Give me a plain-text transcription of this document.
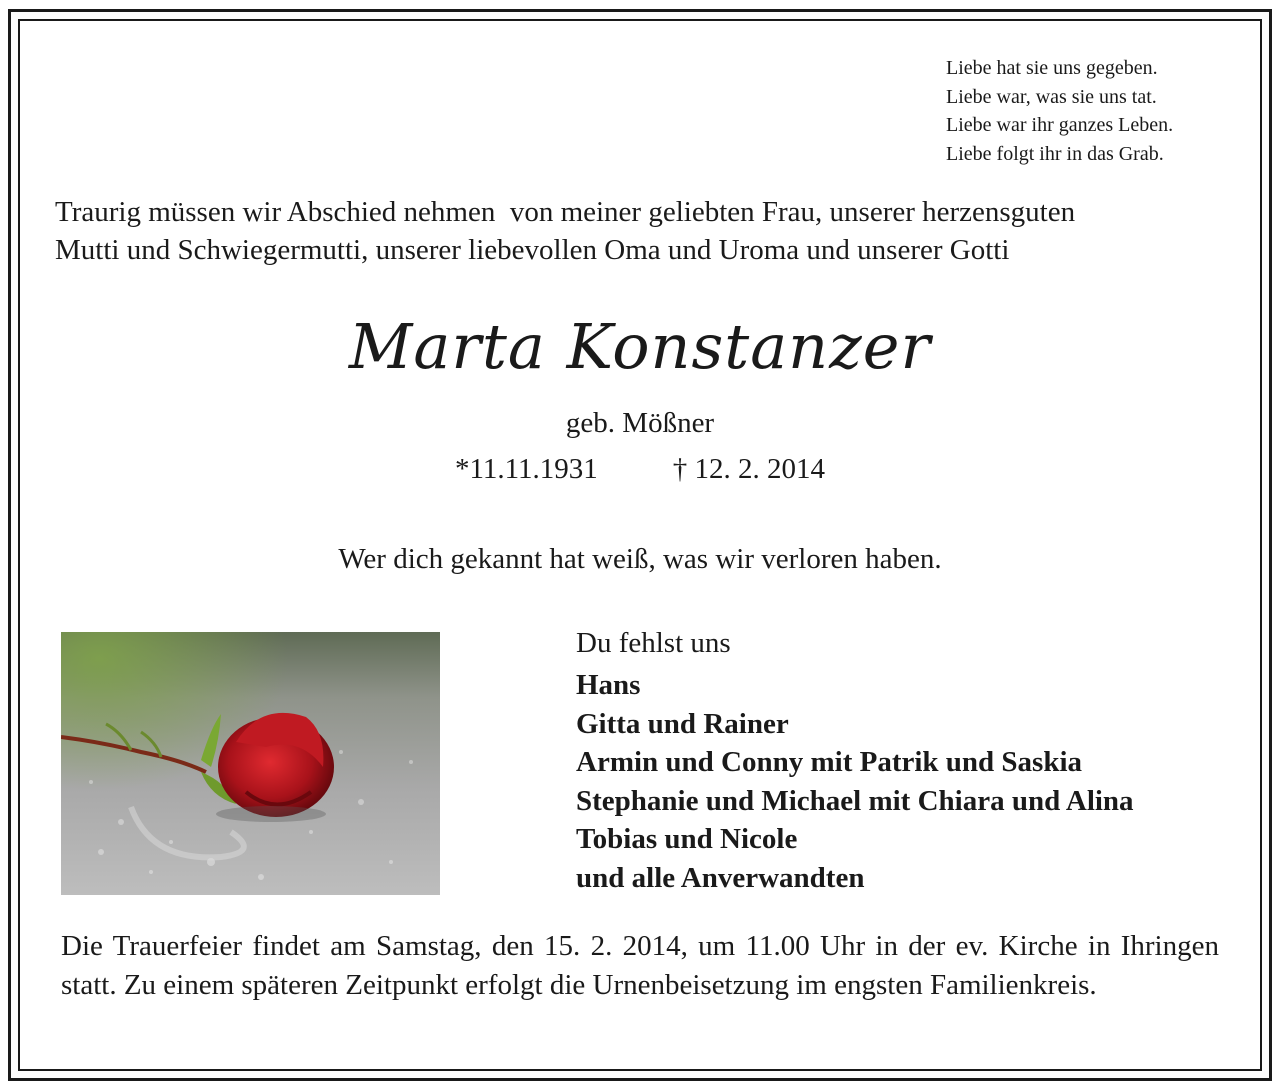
Liebe hat sie uns gegeben.
Liebe war, was sie uns tat.
Liebe war ihr ganzes Leben.
Liebe folgt ihr in das Grab.
Traurig müssen wir Abschied nehmen  von meiner geliebten Frau, unserer herzensguten
Mutti und Schwiegermutti, unserer liebevollen Oma und Uroma und unserer Gotti
Marta Konstanzer
geb. Mößner
*11.11.1931	† 12. 2. 2014
Wer dich gekannt hat weiß, was wir verloren haben.
Du fehlst uns
Hans
Gitta und Rainer
Armin und Conny mit Patrik und Saskia
Stephanie und Michael mit Chiara und Alina
Tobias und Nicole
und alle Anverwandten
Die Trauerfeier findet am Samstag, den 15. 2. 2014, um 11.00 Uhr in der ev. Kirche in Ihringen statt. Zu einem späteren Zeitpunkt erfolgt die Urnenbeisetzung im engsten Familienkreis.
